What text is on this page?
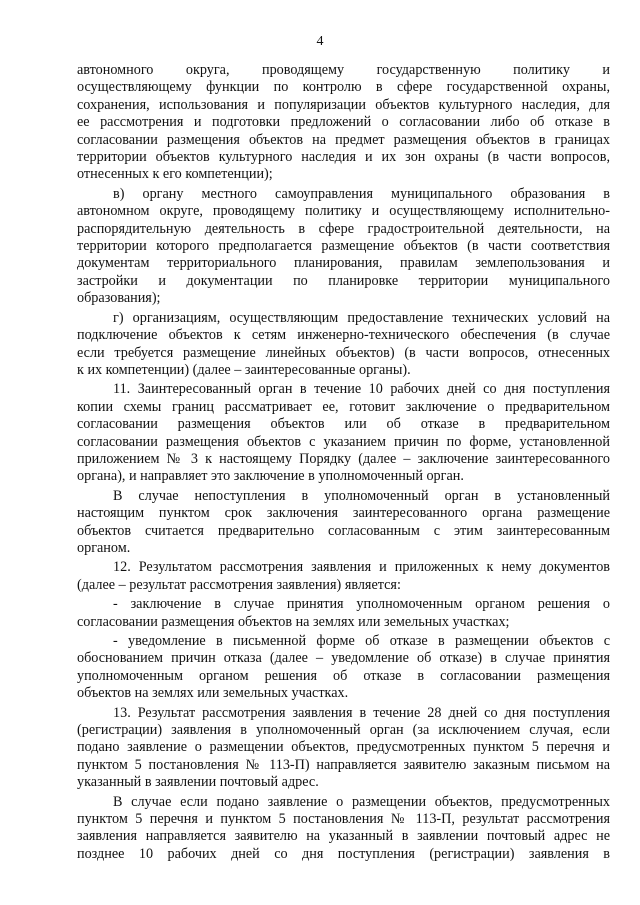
4
автономного округа, проводящему государственную политику и
осуществляющему функции по контролю в сфере государственной охраны,
сохранения, использования и популяризации объектов культурного наследия, для
ее рассмотрения и подготовки предложений о согласовании либо об отказе в
согласовании размещения объектов на предмет размещения объектов в границах
территории объектов культурного наследия и их зон охраны (в части вопросов,
отнесенных к его компетенции);
в) органу местного самоуправления муниципального образования в
автономном округе, проводящему политику и осуществляющему исполнительно-
распорядительную деятельность в сфере градостроительной деятельности, на
территории которого предполагается размещение объектов (в части соответствия
документам территориального планирования, правилам землепользования и
застройки и документации по планировке территории муниципального
образования);
г) организациям, осуществляющим предоставление технических условий на
подключение объектов к сетям инженерно-технического обеспечения (в случае
если требуется размещение линейных объектов) (в части вопросов, отнесенных
к их компетенции) (далее – заинтересованные органы).
11. Заинтересованный орган в течение 10 рабочих дней со дня поступления
копии схемы границ рассматривает ее, готовит заключение о предварительном
согласовании размещения объектов или об отказе в предварительном
согласовании размещения объектов с указанием причин по форме, установленной
приложением № 3 к настоящему Порядку (далее – заключение заинтересованного
органа), и направляет это заключение в уполномоченный орган.
В случае непоступления в уполномоченный орган в установленный
настоящим пунктом срок заключения заинтересованного органа размещение
объектов считается предварительно согласованным с этим заинтересованным
органом.
12. Результатом рассмотрения заявления и приложенных к нему документов
(далее – результат рассмотрения заявления) является:
- заключение в случае принятия уполномоченным органом решения о
согласовании размещения объектов на землях или земельных участках;
- уведомление в письменной форме об отказе в размещении объектов с
обоснованием причин отказа (далее – уведомление об отказе) в случае принятия
уполномоченным органом решения об отказе в согласовании размещения
объектов на землях или земельных участках.
13. Результат рассмотрения заявления в течение 28 дней со дня поступления
(регистрации) заявления в уполномоченный орган (за исключением случая, если
подано заявление о размещении объектов, предусмотренных пунктом 5 перечня и
пунктом 5 постановления № 113-П) направляется заявителю заказным письмом на
указанный в заявлении почтовый адрес.
В случае если подано заявление о размещении объектов, предусмотренных
пунктом 5 перечня и пунктом 5 постановления № 113-П, результат рассмотрения
заявления направляется заявителю на указанный в заявлении почтовый адрес не
позднее 10 рабочих дней со дня поступления (регистрации) заявления в
